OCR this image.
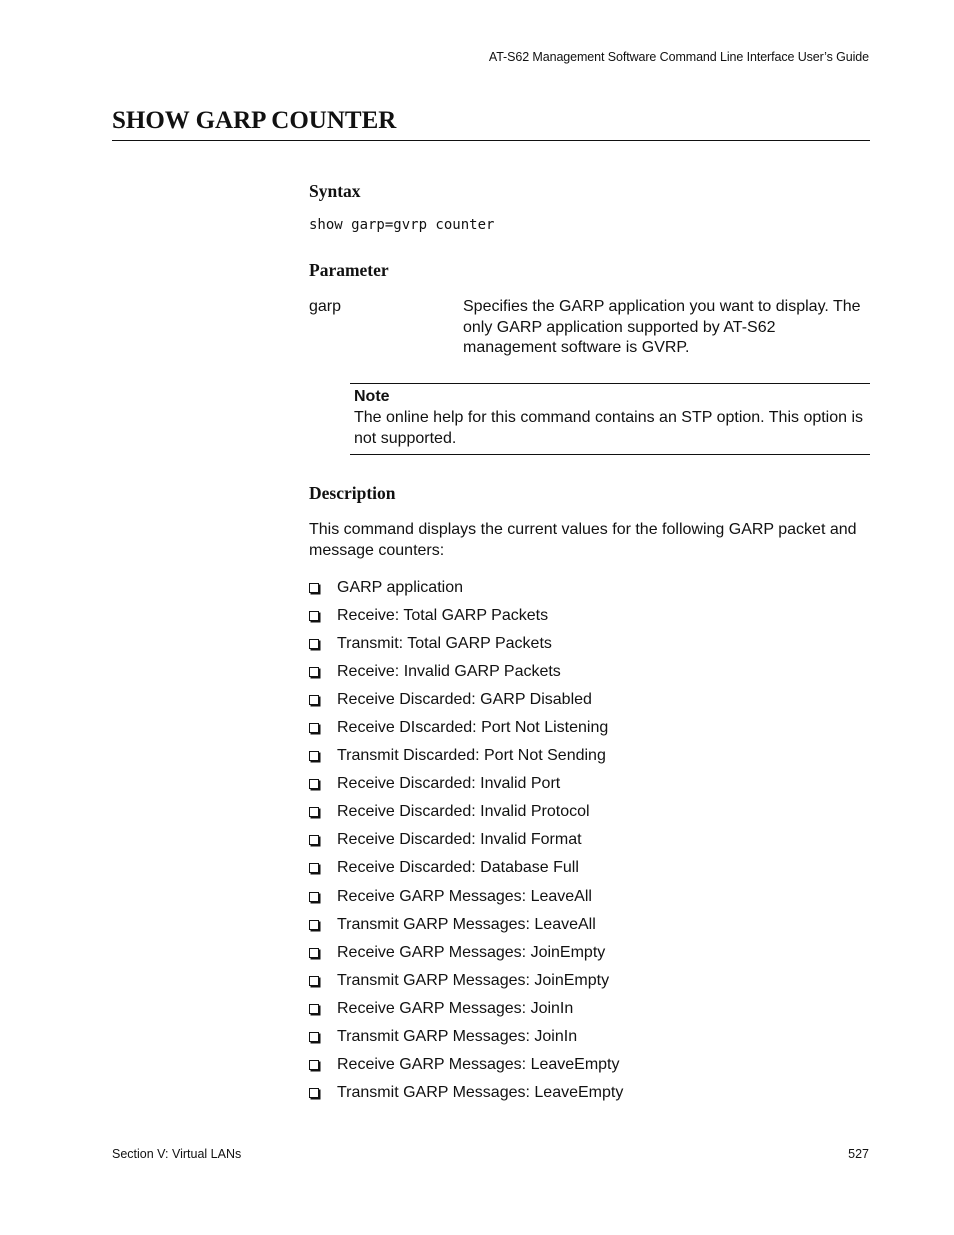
AT-S62 Management Software Command Line Interface User’s Guide
SHOW GARP COUNTER
Syntax
show garp=gvrp counter
Parameter
garp	Specifies the GARP application you want to display. The only GARP application supported by AT-S62 management software is GVRP.
Note
The online help for this command contains an STP option. This option is not supported.
Description
This command displays the current values for the following GARP packet and message counters:
GARP application
Receive: Total GARP Packets
Transmit: Total GARP Packets
Receive: Invalid GARP Packets
Receive Discarded: GARP Disabled
Receive DIscarded: Port Not Listening
Transmit Discarded: Port Not Sending
Receive Discarded: Invalid Port
Receive Discarded: Invalid Protocol
Receive Discarded: Invalid Format
Receive Discarded: Database Full
Receive GARP Messages: LeaveAll
Transmit GARP Messages: LeaveAll
Receive GARP Messages: JoinEmpty
Transmit GARP Messages: JoinEmpty
Receive GARP Messages: JoinIn
Transmit GARP Messages: JoinIn
Receive GARP Messages: LeaveEmpty
Transmit GARP Messages: LeaveEmpty
Section V: Virtual LANs	527
